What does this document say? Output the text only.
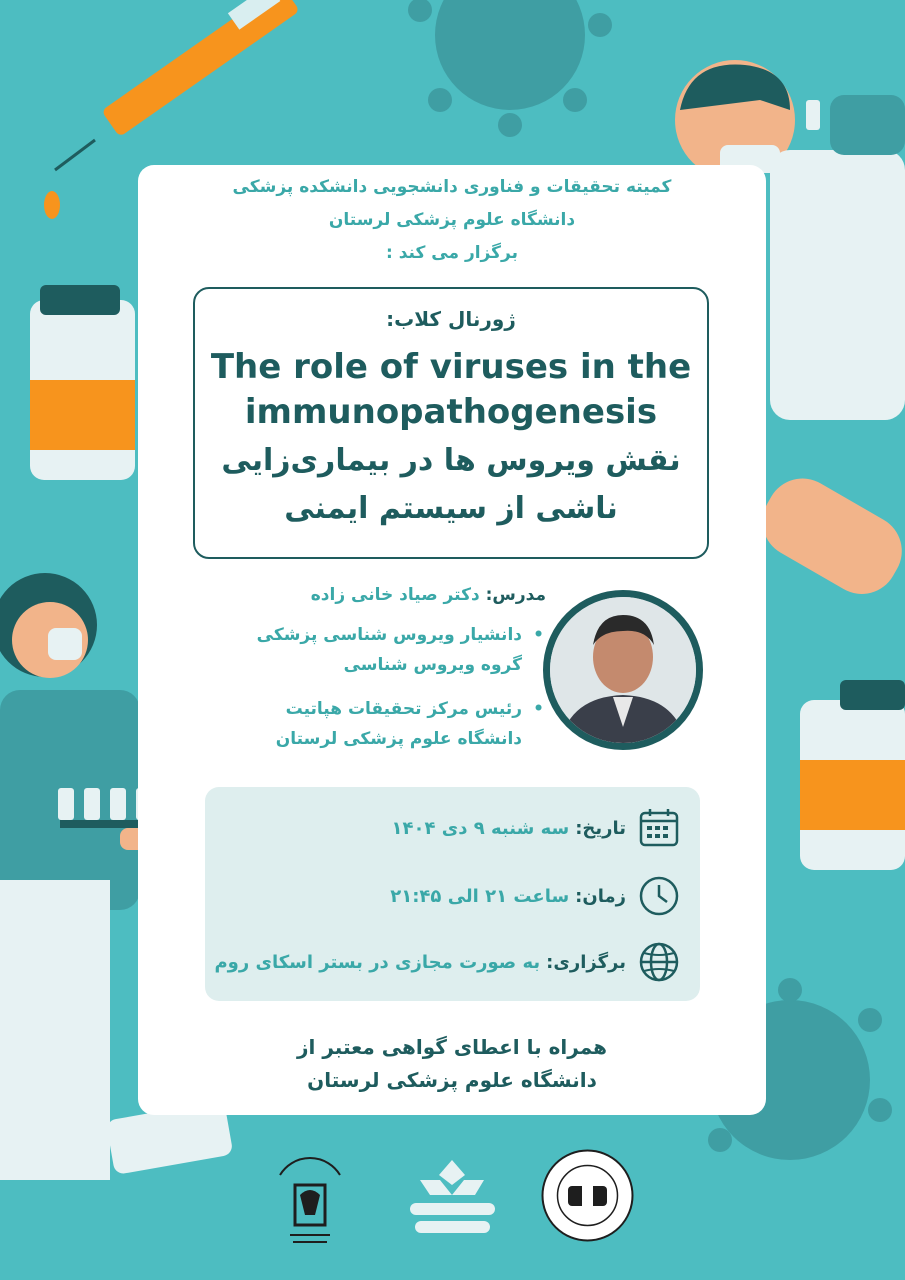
کمیته تحقیقات و فناوری دانشجویی دانشکده پزشکی
دانشگاه علوم پزشکی لرستان
برگزار می کند :
ژورنال کلاب:
The role of viruses in the
immunopathogenesis
نقش ویروس ها در بیماری‌زایی
ناشی از سیستم ایمنی
مدرس: دکتر صیاد خانی زاده
•
دانشیار ویروس شناسی پزشکی
گروه ویروس شناسی
•
رئیس مرکز تحقیقات هپاتیت
دانشگاه علوم پزشکی لرستان
تاریخ:
سه شنبه ۹ دی ۱۴۰۴
زمان:
ساعت ۲۱ الی ۲۱:۴۵
برگزاری:
به صورت مجازی در بستر اسکای روم
همراه با اعطای گواهی معتبر از
دانشگاه علوم پزشکی لرستان
